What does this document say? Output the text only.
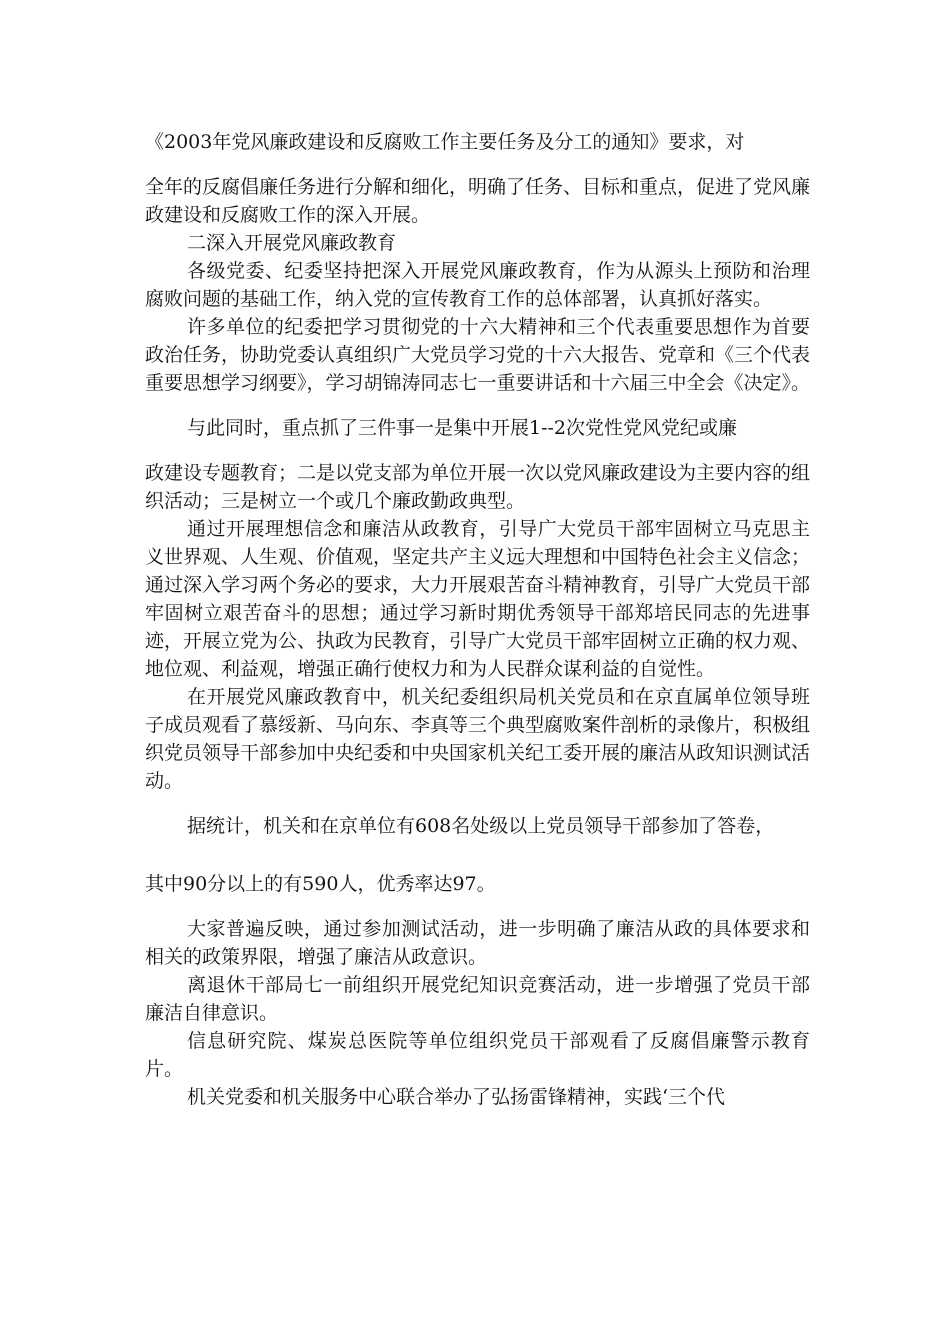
《2003年党风廉政建设和反腐败工作主要任务及分工的通知》要求，对

全年的反腐倡廉任务进行分解和细化，明确了任务、目标和重点，促进了党风廉政建设和反腐败工作的深入开展。

二深入开展党风廉政教育

各级党委、纪委坚持把深入开展党风廉政教育，作为从源头上预防和治理腐败问题的基础工作，纳入党的宣传教育工作的总体部署，认真抓好落实。

许多单位的纪委把学习贯彻党的十六大精神和三个代表重要思想作为首要政治任务，协助党委认真组织广大党员学习党的十六大报告、党章和《三个代表重要思想学习纲要》，学习胡锦涛同志七一重要讲话和十六届三中全会《决定》。

与此同时，重点抓了三件事一是集中开展1--2次党性党风党纪或廉

政建设专题教育；二是以党支部为单位开展一次以党风廉政建设为主要内容的组织活动；三是树立一个或几个廉政勤政典型。

通过开展理想信念和廉洁从政教育，引导广大党员干部牢固树立马克思主义世界观、人生观、价值观，坚定共产主义远大理想和中国特色社会主义信念；通过深入学习两个务必的要求，大力开展艰苦奋斗精神教育，引导广大党员干部牢固树立艰苦奋斗的思想；通过学习新时期优秀领导干部郑培民同志的先进事迹，开展立党为公、执政为民教育，引导广大党员干部牢固树立正确的权力观、地位观、利益观，增强正确行使权力和为人民群众谋利益的自觉性。

在开展党风廉政教育中，机关纪委组织局机关党员和在京直属单位领导班子成员观看了慕绥新、马向东、李真等三个典型腐败案件剖析的录像片，积极组织党员领导干部参加中央纪委和中央国家机关纪工委开展的廉洁从政知识测试活动。

据统计，机关和在京单位有608名处级以上党员领导干部参加了答卷，

其中90分以上的有590人，优秀率达97。

大家普遍反映，通过参加测试活动，进一步明确了廉洁从政的具体要求和相关的政策界限，增强了廉洁从政意识。

离退休干部局七一前组织开展党纪知识竞赛活动，进一步增强了党员干部廉洁自律意识。

信息研究院、煤炭总医院等单位组织党员干部观看了反腐倡廉警示教育片。

机关党委和机关服务中心联合举办了弘扬雷锋精神，实践‘三个代
